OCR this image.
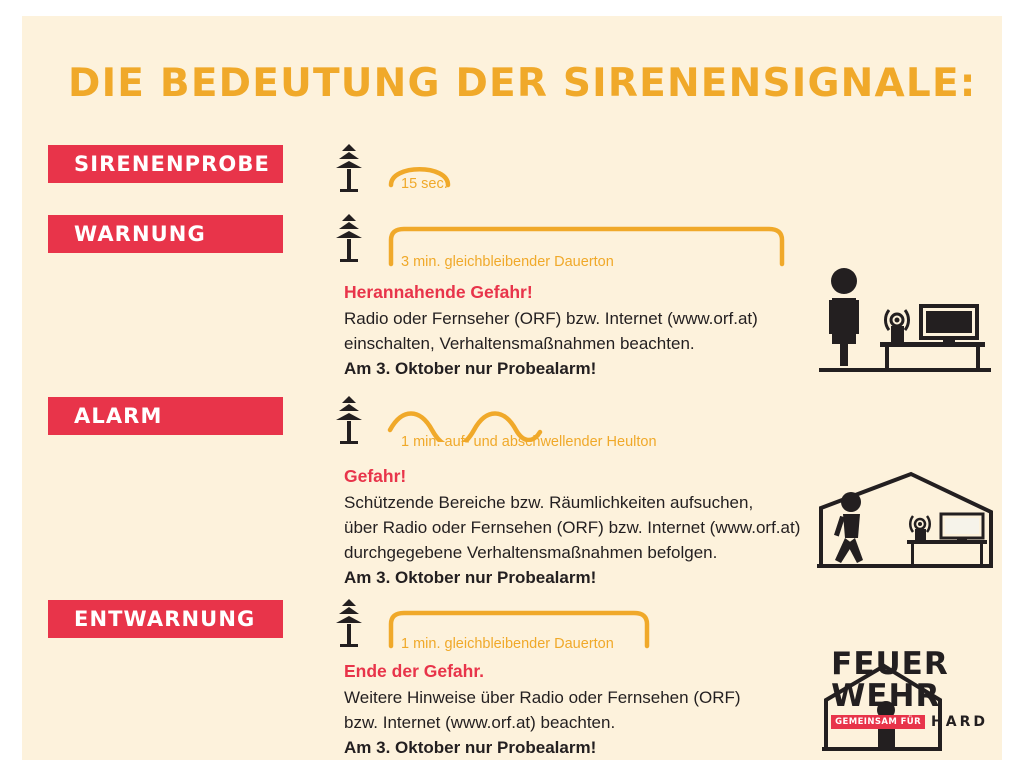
DIE BEDEUTUNG DER SIRENENSIGNALE:
SIRENENPROBE
15 sec.
WARNUNG
3 min. gleichbleibender Dauerton
Herannahende Gefahr!
Radio oder Fernseher (ORF) bzw. Internet (www.orf.at)
einschalten, Verhaltensmaßnahmen beachten.
Am 3. Oktober nur Probealarm!
ALARM
1 min. auf- und abschwellender Heulton
Gefahr!
Schützende Bereiche bzw. Räumlichkeiten aufsuchen,
über Radio oder Fernsehen (ORF) bzw. Internet (www.orf.at)
durchgegebene Verhaltensmaßnahmen befolgen.
Am 3. Oktober nur Probealarm!
ENTWARNUNG
1 min. gleichbleibender Dauerton
Ende der Gefahr.
Weitere Hinweise über Radio oder Fernsehen (ORF)
bzw. Internet (www.orf.at) beachten.
Am 3. Oktober nur Probealarm!
FEUER
WEHR
GEMEINSAM FÜR HARD
